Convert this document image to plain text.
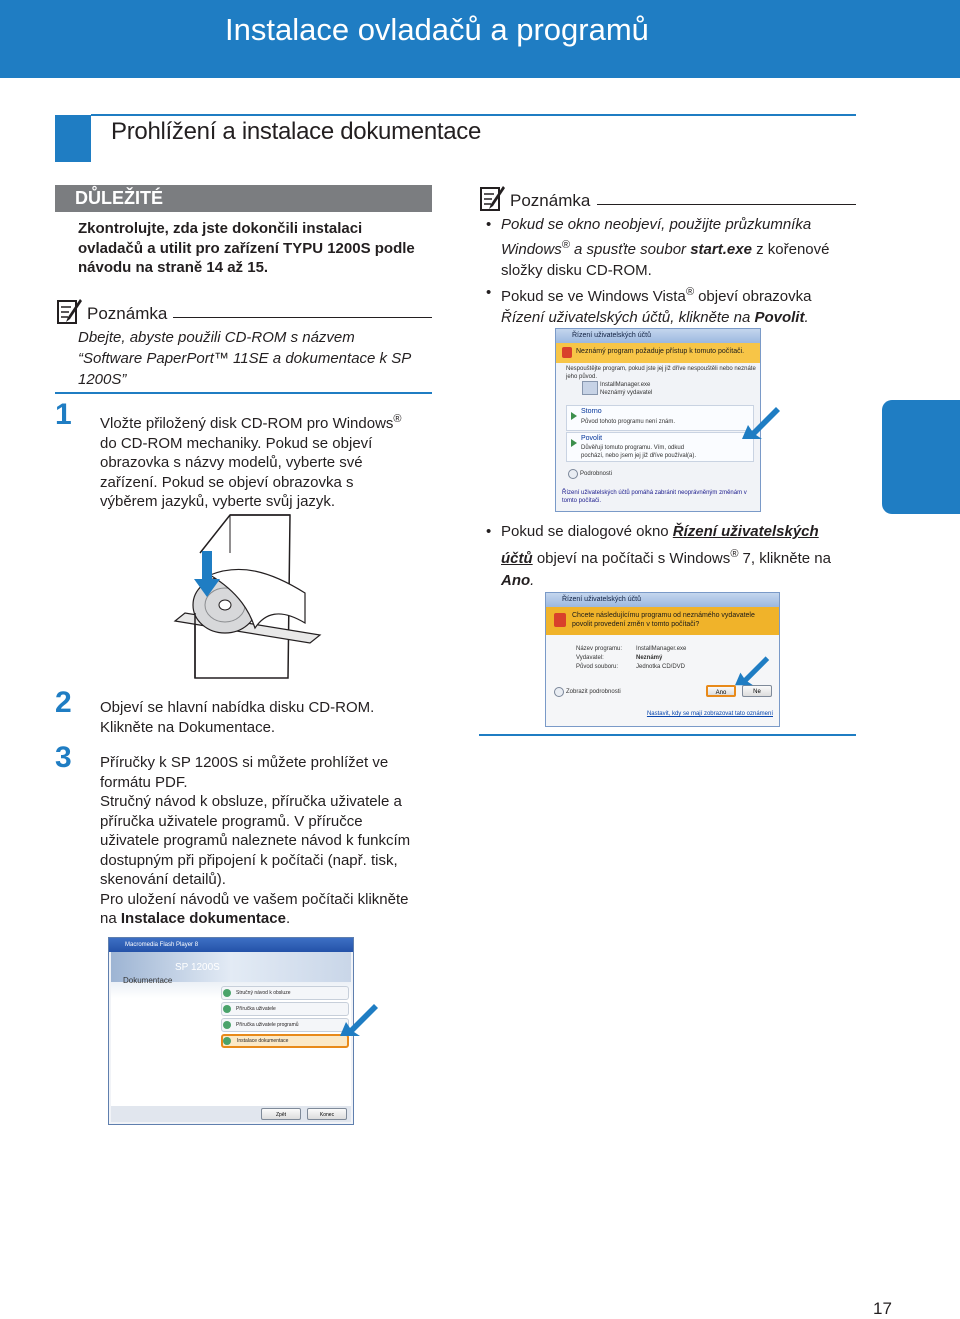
Instalace ovladačů a programů
Prohlížení a instalace dokumentace
DŮLEŽITÉ
Zkontrolujte, zda jste dokončili instalaci
ovladačů a utilit pro zařízení TYPU 1200S podle
návodu na straně 14 až 15.
Poznámka
Dbejte, abyste použili CD-ROM s názvem
“Software PaperPort™ 11SE a dokumentace k SP
1200S”
1 Vložte přiložený disk CD-ROM pro Windows®
do CD-ROM mechaniky. Pokud se objeví
obrazovka s názvy modelů, vyberte své
zařízení. Pokud se objeví obrazovka s
výběrem jazyků, vyberte svůj jazyk.
2 Objeví se hlavní nabídka disku CD-ROM.
Klikněte na Dokumentace.
3 Příručky k SP 1200S si můžete prohlížet ve
formátu PDF.
Stručný návod k obsluze, příručka uživatele a
příručka uživatele programů. V příručce
uživatele programů naleznete návod k funkcím
dostupným při připojení k počítači (např. tisk,
skenování detailů).
Pro uložení návodů ve vašem počítači klikněte
na Instalace dokumentace.
Macromedia Flash Player 8
SP 1200S
Dokumentace
Stručný návod k obsluze
Příručka uživatele
Příručka uživatele programů
Instalace dokumentace
Zpět	Konec
Poznámka
• Pokud se okno neobjeví, použijte průzkumníka
Windows® a spusťte soubor start.exe z kořenové
složky disku CD-ROM.
• Pokud se ve Windows Vista® objeví obrazovka
Řízení uživatelských účtů, klikněte na Povolit.
Řízení uživatelských účtů
Neznámý program požaduje přístup k tomuto počítači.
Nespouštějte program, pokud jste jej již dříve nespouštěli nebo neznáte jeho původ.
InstallManager.exe
Neznámý vydavatel
Storno
Původ tohoto programu není znám.
Povolit
Důvěřuji tomuto programu. Vím, odkud pochází, nebo jsem jej již dříve používal(a).
Podrobnosti
Řízení uživatelských účtů pomáhá zabránit neoprávněným změnám v tomto počítači.
• Pokud se dialogové okno Řízení uživatelských
účtů objeví na počítači s Windows® 7, klikněte na
Ano.
Řízení uživatelských účtů
Chcete následujícímu programu od neznámého vydavatele povolit provedení změn v tomto počítači?
Název programu: InstallManager.exe
Vydavatel:	Neznámý
Původ souboru:	Jednotka CD/DVD
Zobrazit podrobnosti	Ano	Ne
Nastavit, kdy se mají zobrazovat tato oznámení
17
